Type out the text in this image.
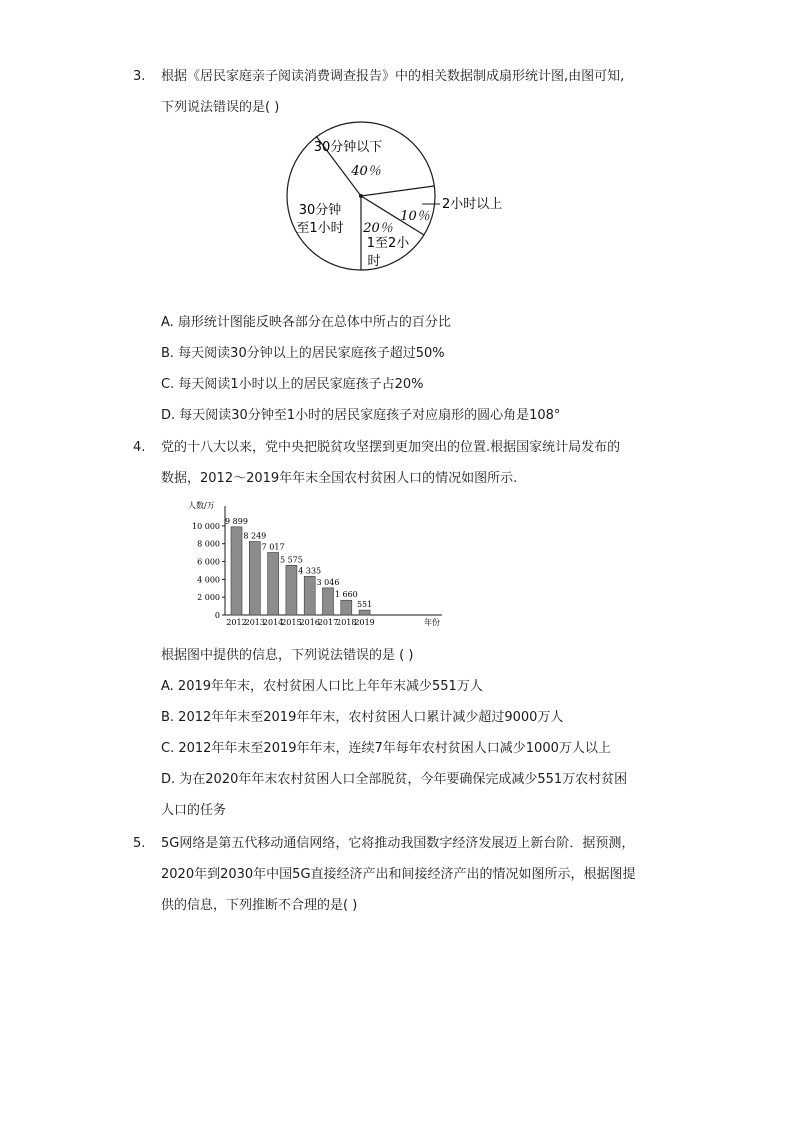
3. 根据《居民家庭亲子阅读消费调查报告》中的相关数据制成扇形统计图,由图可知,
下列说法错误的是( )
30分钟以下
40％
30分钟
至1小时 20％
1至2小
时
10％
2小时以上
A. 扇形统计图能反映各部分在总体中所占的百分比
B. 每天阅读30分钟以上的居民家庭孩子超过50%
C. 每天阅读1小时以上的居民家庭孩子占20%
D. 每天阅读30分钟至1小时的居民家庭孩子对应扇形的圆心角是108°
4. 党的十八大以来，党中央把脱贫攻坚摆到更加突出的位置.根据国家统计局发布的
数据，2012～2019年年末全国农村贫困人口的情况如图所示.
人数/万
年份
0
2 000
4 000
6 000
8 000
10 000
9 899
2012
8 249
2013
7 017
2014
5 575
2015
4 335
2016
3 046
2017
1 660
2018
551
2019
根据图中提供的信息，下列说法错误的是 ( )
A. 2019年年末，农村贫困人口比上年年末减少551万人
B. 2012年年末至2019年年末，农村贫困人口累计减少超过9000万人
C. 2012年年末至2019年年末，连续7年每年农村贫困人口减少1000万人以上
D. 为在2020年年末农村贫困人口全部脱贫，今年要确保完成减少551万农村贫困
人口的任务
5. 5G网络是第五代移动通信网络，它将推动我国数字经济发展迈上新台阶．据预测，
2020年到2030年中国5G直接经济产出和间接经济产出的情况如图所示，根据图提
供的信息，下列推断不合理的是( )
